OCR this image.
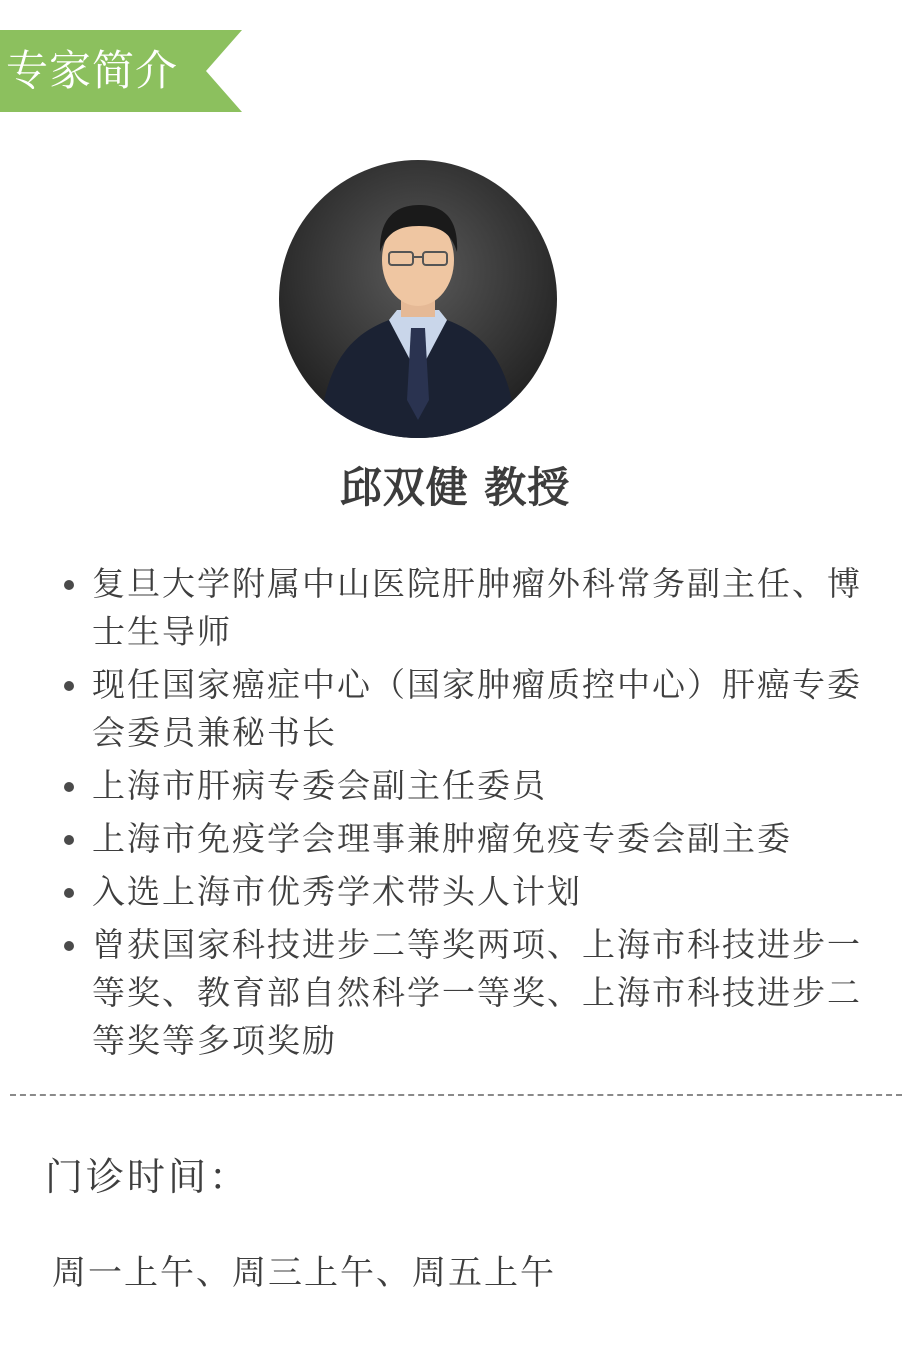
专家简介
邱双健 教授
复旦大学附属中山医院肝肿瘤外科常务副主任、博士生导师
现任国家癌症中心（国家肿瘤质控中心）肝癌专委会委员兼秘书长
上海市肝病专委会副主任委员
上海市免疫学会理事兼肿瘤免疫专委会副主委
入选上海市优秀学术带头人计划
曾获国家科技进步二等奖两项、上海市科技进步一等奖、教育部自然科学一等奖、上海市科技进步二等奖等多项奖励
门诊时间：
周一上午、周三上午、周五上午
